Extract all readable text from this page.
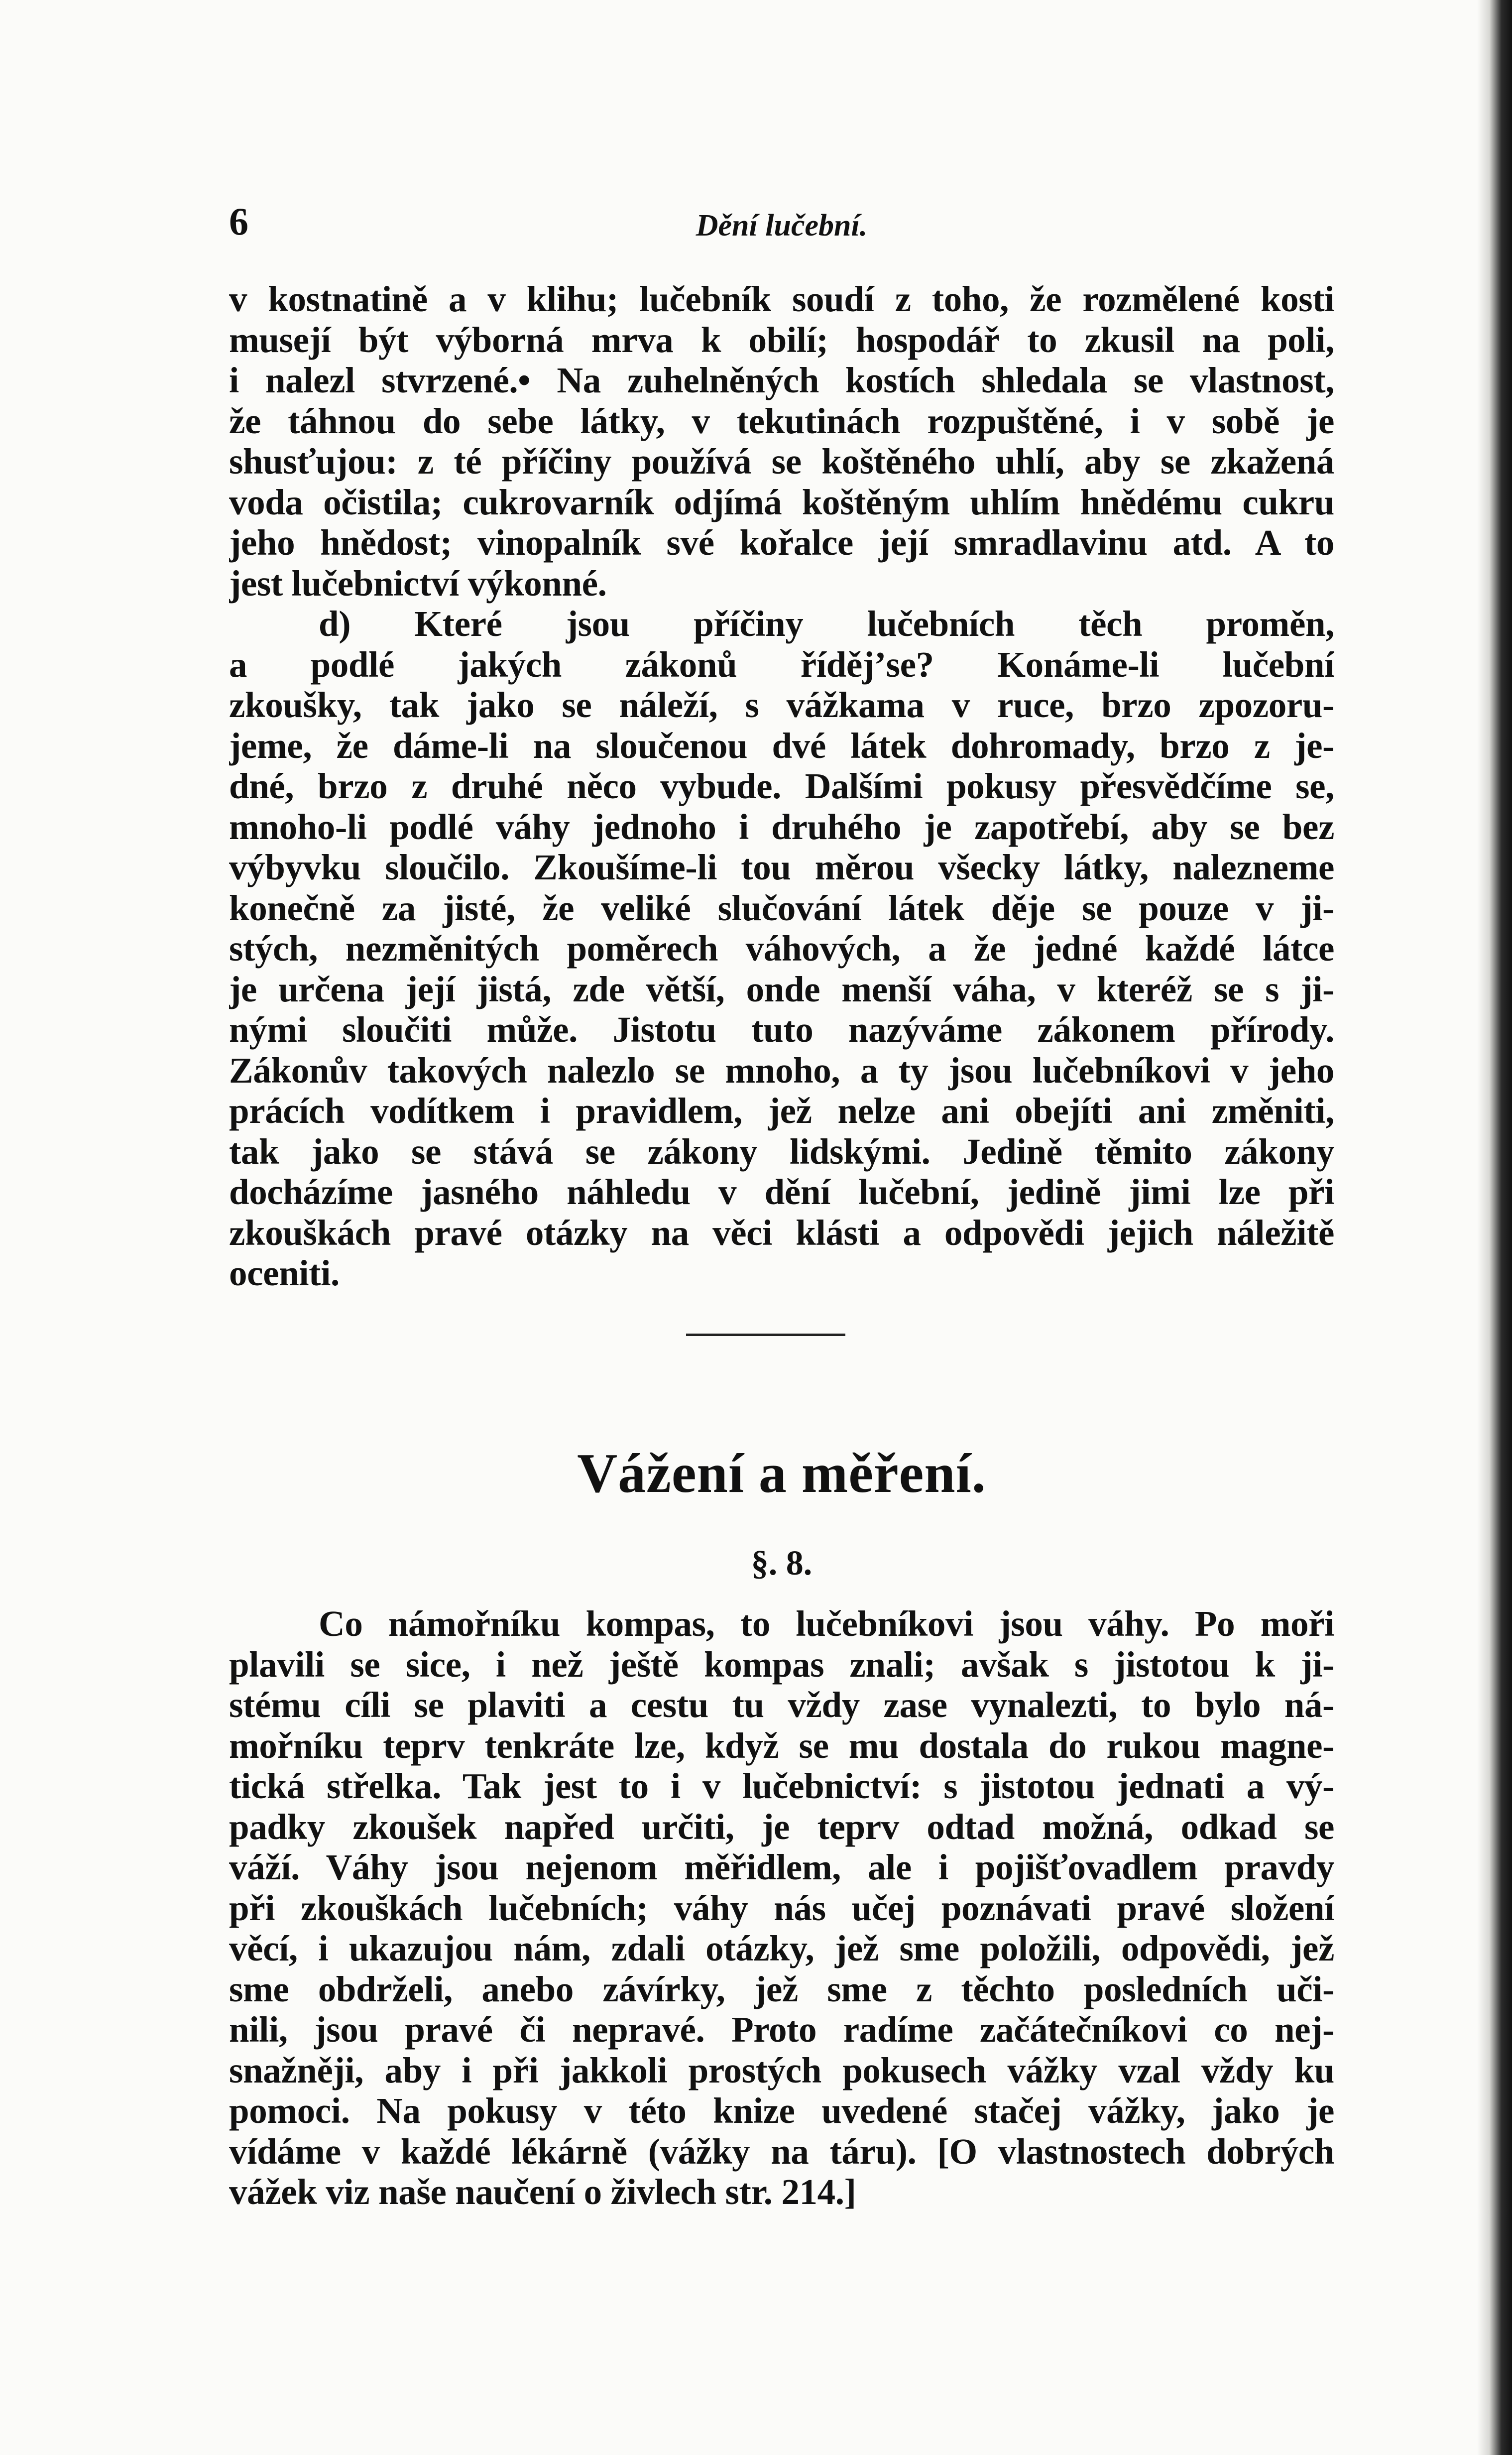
6	Dění lučební.
v kostnatině a v klihu; lučebník soudí z toho, že rozmělené kosti
musejí být výborná mrva k obilí; hospodář to zkusil na poli,
i nalezl stvrzené.• Na zuhelněných kostích shledala se vlastnost,
že táhnou do sebe látky, v tekutinách rozpuštěné, i v sobě je
shusťujou: z té příčiny používá se koštěného uhlí, aby se zkažená
voda očistila; cukrovarník odjímá koštěným uhlím hnědému cukru
jeho hnědost; vinopalník své kořalce její smradlavinu atd. A to
jest lučebnictví výkonné.
d) Které jsou příčiny lučebních těch proměn,
a podlé jakých zákonů řídějʼse? Konáme-li lučební
zkoušky, tak jako se náleží, s vážkama v ruce, brzo zpozoru-
jeme, že dáme-li na sloučenou dvé látek dohromady, brzo z je-
dné, brzo z druhé něco vybude. Dalšími pokusy přesvědčíme se,
mnoho-li podlé váhy jednoho i druhého je zapotřebí, aby se bez
výbyvku sloučilo. Zkoušíme-li tou měrou všecky látky, nalezneme
konečně za jisté, že veliké slučování látek děje se pouze v ji-
stých, nezměnitých poměrech váhových, a že jedné každé látce
je určena její jistá, zde větší, onde menší váha, v kteréž se s ji-
nými sloučiti může. Jistotu tuto nazýváme zákonem přírody.
Zákonův takových nalezlo se mnoho, a ty jsou lučebníkovi v jeho
prácích vodítkem i pravidlem, jež nelze ani obejíti ani změniti,
tak jako se stává se zákony lidskými. Jedině těmito zákony
docházíme jasného náhledu v dění lučební, jedině jimi lze při
zkouškách pravé otázky na věci klásti a odpovědi jejich náležitě
oceniti.
Vážení a měření.
§. 8.
Co námořníku kompas, to lučebníkovi jsou váhy. Po moři
plavili se sice, i než ještě kompas znali; avšak s jistotou k ji-
stému cíli se plaviti a cestu tu vždy zase vynalezti, to bylo ná-
mořníku teprv tenkráte lze, když se mu dostala do rukou magne-
tická střelka. Tak jest to i v lučebnictví: s jistotou jednati a vý-
padky zkoušek napřed určiti, je teprv odtad možná, odkad se
váží. Váhy jsou nejenom měřidlem, ale i pojišťovadlem pravdy
při zkouškách lučebních; váhy nás učej poznávati pravé složení
věcí, i ukazujou nám, zdali otázky, jež sme položili, odpovědi, jež
sme obdrželi, anebo závírky, jež sme z těchto posledních uči-
nili, jsou pravé či nepravé. Proto radíme začátečníkovi co nej-
snažněji, aby i při jakkoli prostých pokusech vážky vzal vždy ku
pomoci. Na pokusy v této knize uvedené stačej vážky, jako je
vídáme v každé lékárně (vážky na táru). [O vlastnostech dobrých
vážek viz naše naučení o živlech str. 214.]
